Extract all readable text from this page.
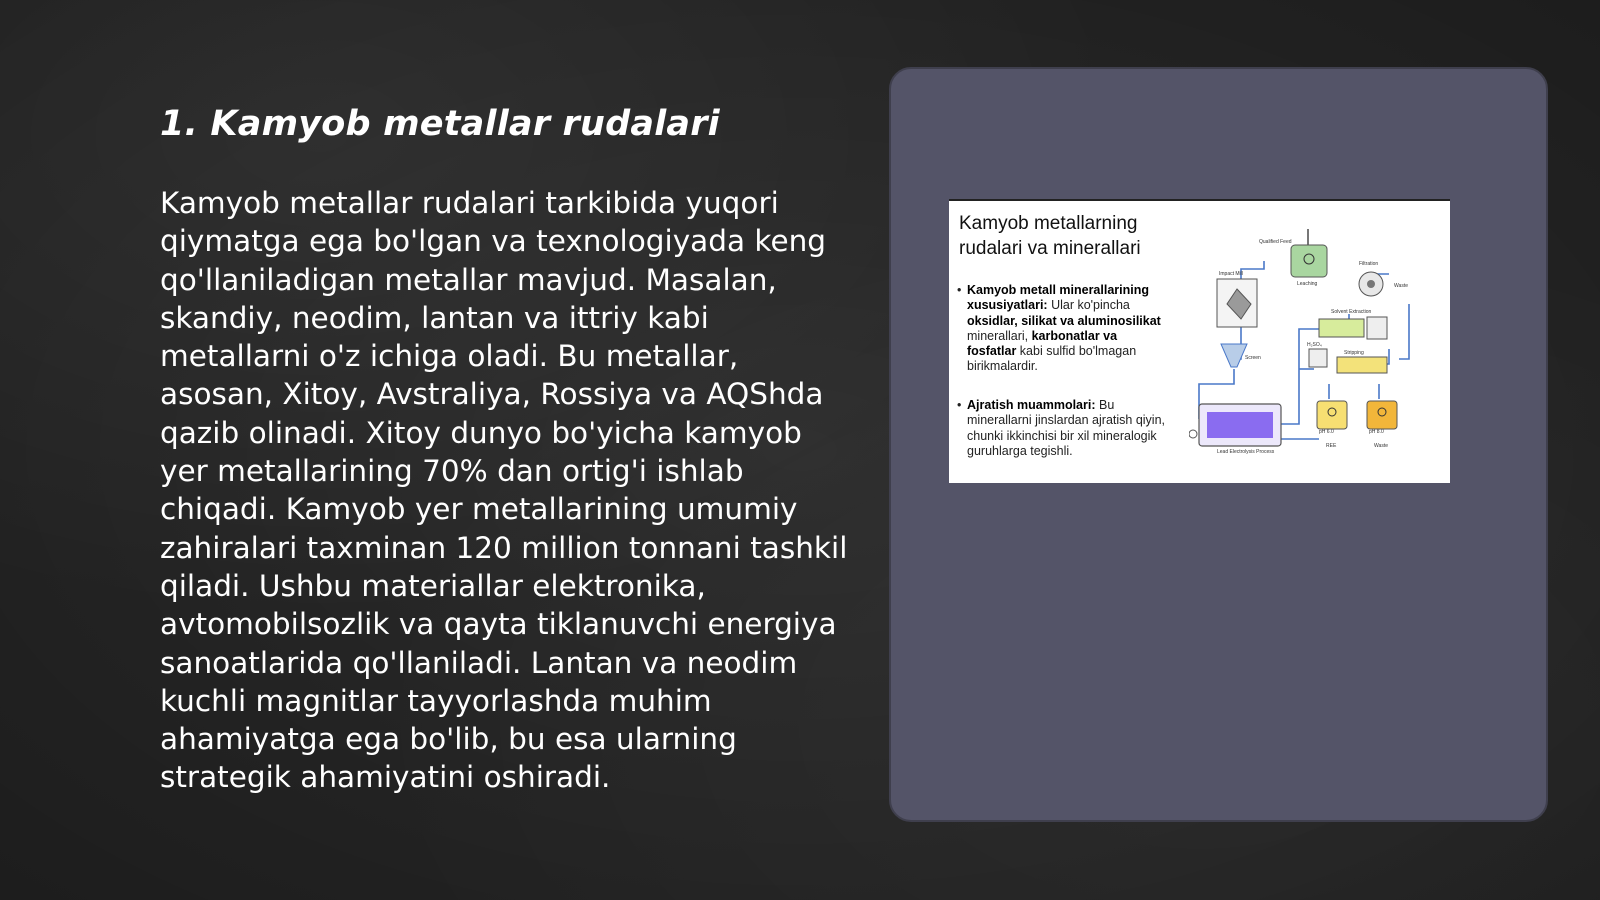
1. Kamyob metallar rudalari

Kamyob metallar rudalari tarkibida yuqori qiymatga ega bo'lgan va texnologiyada keng qo'llaniladigan metallar mavjud. Masalan, skandiy, neodim, lantan va ittriy kabi metallarni o'z ichiga oladi. Bu metallar, asosan, Xitoy, Avstraliya, Rossiya va AQShda qazib olinadi. Xitoy dunyo bo'yicha kamyob yer metallarining 70% dan ortig'i ishlab chiqadi. Kamyob yer metallarining umumiy zahiralari taxminan 120 million tonnani tashkil qiladi. Ushbu materiallar elektronika, avtomobilsozlik va qayta tiklanuvchi energiya sanoatlarida qo'llaniladi. Lantan va neodim kuchli magnitlar tayyorlashda muhim ahamiyatga ega bo'lib, bu esa ularning strategik ahamiyatini oshiradi.

Kamyob metallarning rudalari va minerallari
• Kamyob metall minerallarining xususiyatlari: Ular ko'pincha oksidlar, silikat va aluminosilikat minerallari, karbonatlar va fosfatlar kabi sulfid bo'lmagan birikmalardir.
• Ajratish muammolari: Bu minerallarni jinslardan ajratish qiyin, chunki ikkinchisi bir xil mineralogik guruhlarga tegishli.
Qualified Feed
Impact Mill
Leaching
Filtration
Waste
Solvent Extraction
Stripping
H₂SO₄
Screen
pH 6.0	pH 8.0
REE	Waste
Lead Electrolysis Process
